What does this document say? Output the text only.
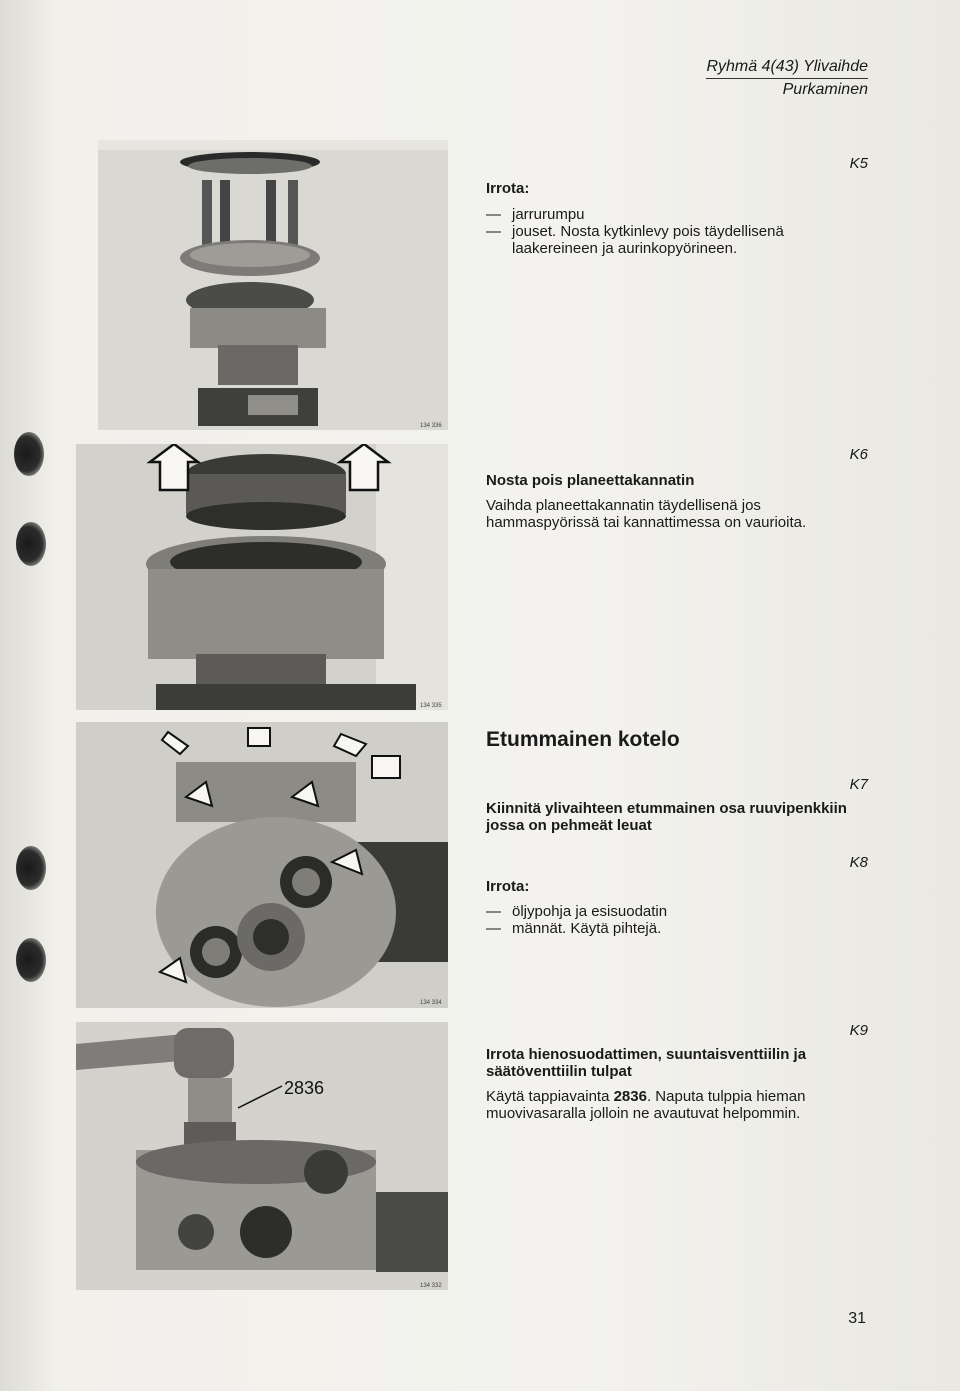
Ryhmä 4(43) Ylivaihde
Purkaminen
134 336
K5
Irrota:
— jarrurumpu
— jouset. Nosta kytkinlevy pois täydellisenä laakereineen ja aurinkopyörineen.
134 335
K6
Nosta pois planeettakannatin
Vaihda planeettakannatin täydellisenä jos hammaspyörissä tai kannattimessa on vaurioita.
134 334
Etummainen kotelo
K7
Kiinnitä ylivaihteen etummainen osa ruuvipenkkiin jossa on pehmeät leuat
K8
Irrota:
— öljypohja ja esisuodatin
— männät. Käytä pihtejä.
2836
134 332
K9
Irrota hienosuodattimen, suuntaisventtiilin ja säätöventtiilin tulpat
Käytä tappiavainta 2836. Naputa tulppia hieman muovivasaralla jolloin ne avautuvat helpommin.
31
